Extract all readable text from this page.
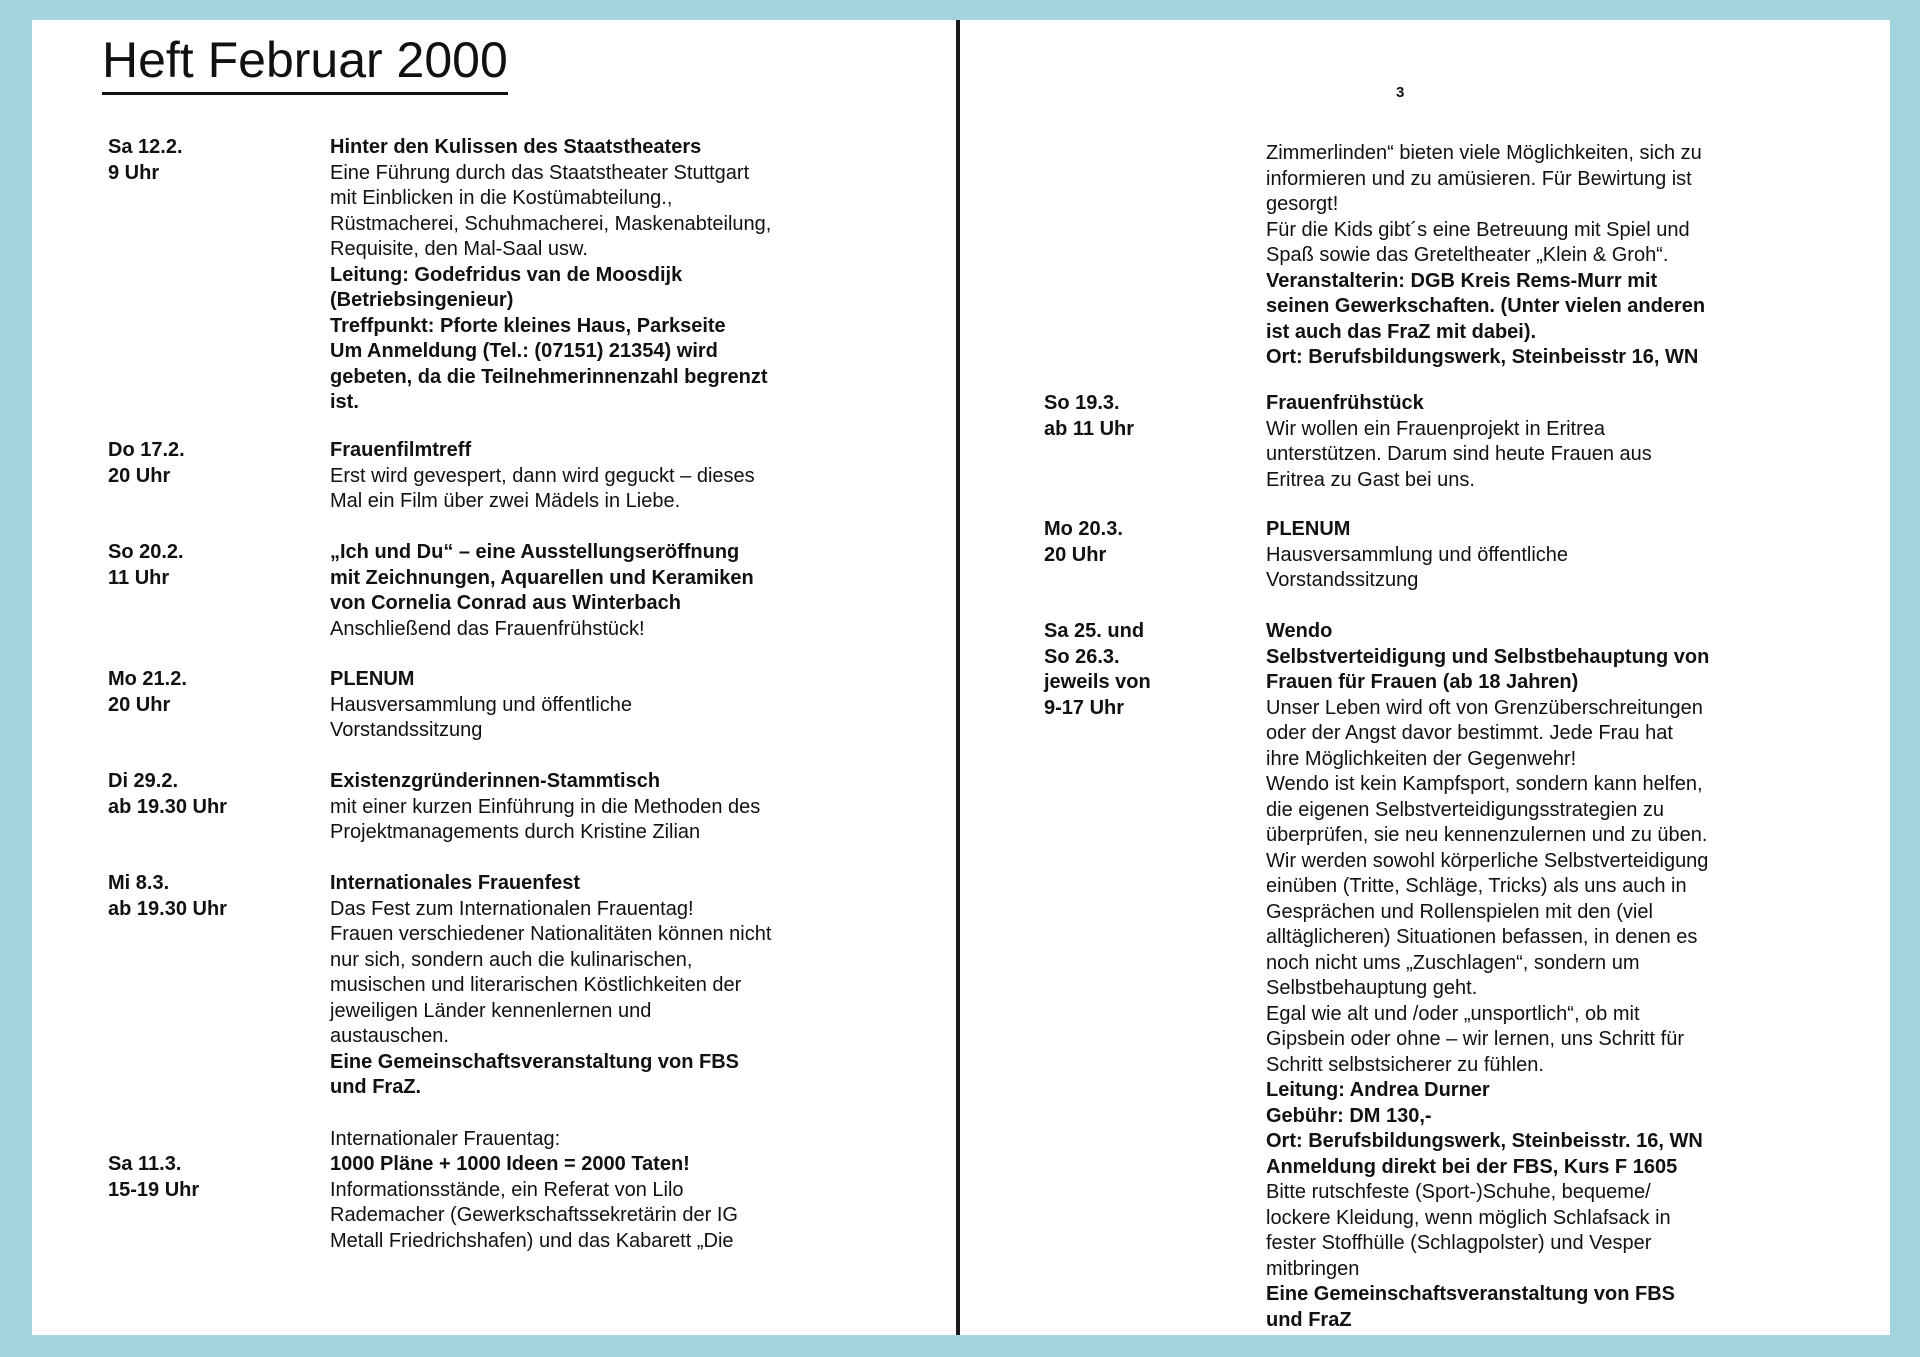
Heft Februar 2000
3
Sa 12.2.
9 Uhr
Hinter den Kulissen des Staatstheaters
Eine Führung durch das Staatstheater Stuttgart
mit Einblicken in die Kostümabteilung.,
Rüstmacherei, Schuhmacherei, Maskenabteilung,
Requisite, den Mal-Saal usw.
Leitung: Godefridus van de Moosdijk
(Betriebsingenieur)
Treffpunkt: Pforte kleines Haus, Parkseite
Um Anmeldung (Tel.: (07151) 21354) wird
gebeten, da die Teilnehmerinnenzahl begrenzt
ist.
Do 17.2.
20 Uhr
Frauenfilmtreff
Erst wird gevespert, dann wird geguckt – dieses
Mal ein Film über zwei Mädels in Liebe.
So 20.2.
11 Uhr
„Ich und Du“ – eine Ausstellungseröffnung
mit Zeichnungen, Aquarellen und Keramiken
von Cornelia Conrad aus Winterbach
Anschließend das Frauenfrühstück!
Mo 21.2.
20 Uhr
PLENUM
Hausversammlung und öffentliche
Vorstandssitzung
Di 29.2.
ab 19.30 Uhr
Existenzgründerinnen-Stammtisch
mit einer kurzen Einführung in die Methoden des
Projektmanagements durch Kristine Zilian
Mi 8.3.
ab 19.30 Uhr
Internationales Frauenfest
Das Fest zum Internationalen Frauentag!
Frauen verschiedener Nationalitäten können nicht
nur sich, sondern auch die kulinarischen,
musischen und literarischen Köstlichkeiten der
jeweiligen Länder kennenlernen und
austauschen.
Eine Gemeinschaftsveranstaltung von FBS
und FraZ.
Internationaler Frauentag:
Sa 11.3.
15-19 Uhr
1000 Pläne + 1000 Ideen = 2000 Taten!
Informationsstände, ein Referat von Lilo
Rademacher (Gewerkschaftssekretärin der IG
Metall Friedrichshafen) und das Kabarett „Die
Zimmerlinden“ bieten viele Möglichkeiten, sich zu
informieren und zu amüsieren. Für Bewirtung ist
gesorgt!
Für die Kids gibt´s eine Betreuung mit Spiel und
Spaß sowie das Greteltheater „Klein & Groh“.
Veranstalterin: DGB Kreis Rems-Murr mit
seinen Gewerkschaften. (Unter vielen anderen
ist auch das FraZ mit dabei).
Ort: Berufsbildungswerk, Steinbeisstr 16, WN
So 19.3.
ab 11 Uhr
Frauenfrühstück
Wir wollen ein Frauenprojekt in Eritrea
unterstützen. Darum sind heute Frauen aus
Eritrea zu Gast bei uns.
Mo 20.3.
20 Uhr
PLENUM
Hausversammlung und öffentliche
Vorstandssitzung
Sa 25. und
So 26.3.
jeweils von
9-17 Uhr
Wendo
Selbstverteidigung und Selbstbehauptung von
Frauen für Frauen (ab 18 Jahren)
Unser Leben wird oft von Grenzüberschreitungen
oder der Angst davor bestimmt. Jede Frau hat
ihre Möglichkeiten der Gegenwehr!
Wendo ist kein Kampfsport, sondern kann helfen,
die eigenen Selbstverteidigungsstrategien zu
überprüfen, sie neu kennenzulernen und zu üben.
Wir werden sowohl körperliche Selbstverteidigung
einüben (Tritte, Schläge, Tricks) als uns auch in
Gesprächen und Rollenspielen mit den (viel
alltäglicheren) Situationen befassen, in denen es
noch nicht ums „Zuschlagen“, sondern um
Selbstbehauptung geht.
Egal wie alt und /oder „unsportlich“, ob mit
Gipsbein oder ohne – wir lernen, uns Schritt für
Schritt selbstsicherer zu fühlen.
Leitung: Andrea Durner
Gebühr: DM 130,-
Ort: Berufsbildungswerk, Steinbeisstr. 16, WN
Anmeldung direkt bei der FBS, Kurs F 1605
Bitte rutschfeste (Sport-)Schuhe, bequeme/
lockere Kleidung, wenn möglich Schlafsack in
fester Stoffhülle (Schlagpolster) und Vesper
mitbringen
Eine Gemeinschaftsveranstaltung von FBS
und FraZ
